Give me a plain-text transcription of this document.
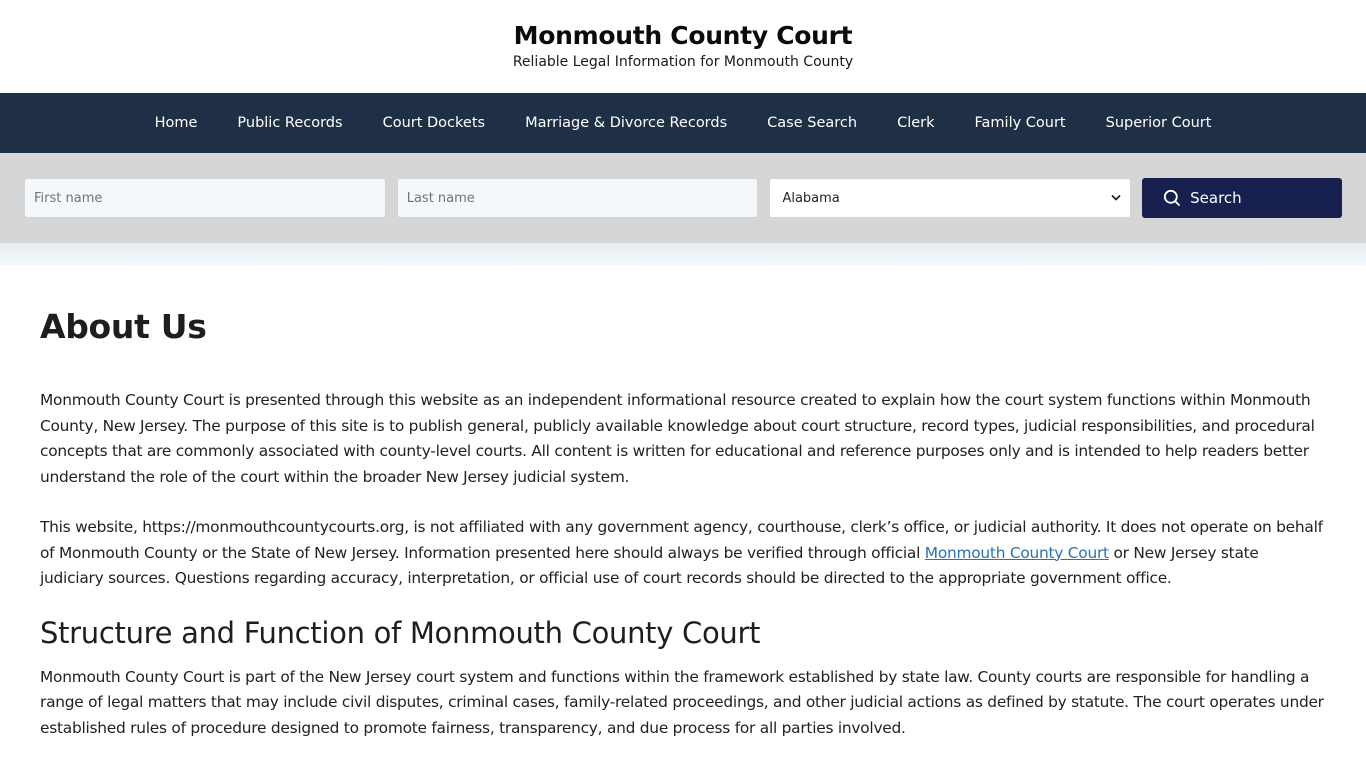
Monmouth County Court
Reliable Legal Information for Monmouth County
Home	Public Records	Court Dockets	Marriage & Divorce Records	Case Search	Clerk	Family Court	Superior Court
First name
Last name
Alabama	Search
About Us

Monmouth County Court is presented through this website as an independent informational resource created to explain how the court system functions within Monmouth County, New Jersey. The purpose of this site is to publish general, publicly available knowledge about court structure, record types, judicial responsibilities, and procedural concepts that are commonly associated with county-level courts. All content is written for educational and reference purposes only and is intended to help readers better understand the role of the court within the broader New Jersey judicial system.

This website, https://monmouthcountycourts.org, is not affiliated with any government agency, courthouse, clerk’s office, or judicial authority. It does not operate on behalf of Monmouth County or the State of New Jersey. Information presented here should always be verified through official Monmouth County Court or New Jersey state judiciary sources. Questions regarding accuracy, interpretation, or official use of court records should be directed to the appropriate government office.

Structure and Function of Monmouth County Court

Monmouth County Court is part of the New Jersey court system and functions within the framework established by state law. County courts are responsible for handling a range of legal matters that may include civil disputes, criminal cases, family-related proceedings, and other judicial actions as defined by statute. The court operates under established rules of procedure designed to promote fairness, transparency, and due process for all parties involved.
